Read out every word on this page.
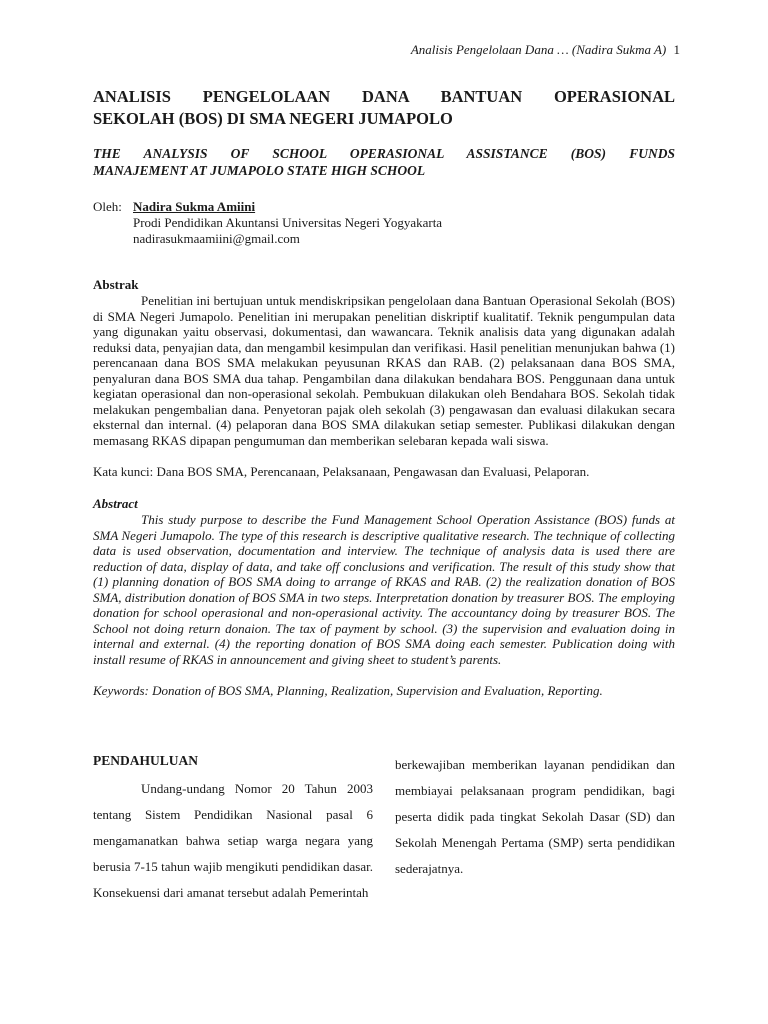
Analisis Pengelolaan Dana … (Nadira Sukma A) 1
ANALISIS PENGELOLAAN DANA BANTUAN OPERASIONAL
SEKOLAH (BOS) DI SMA NEGERI JUMAPOLO
THE ANALYSIS OF SCHOOL OPERASIONAL ASSISTANCE (BOS) FUNDS
MANAJEMENT AT JUMAPOLO STATE HIGH SCHOOL
Oleh: Nadira Sukma Amiini
Prodi Pendidikan Akuntansi Universitas Negeri Yogyakarta
nadirasukmaamiini@gmail.com
Abstrak

Penelitian ini bertujuan untuk mendiskripsikan pengelolaan dana Bantuan Operasional Sekolah (BOS) di SMA Negeri Jumapolo. Penelitian ini merupakan penelitian diskriptif kualitatif. Teknik pengumpulan data yang digunakan yaitu observasi, dokumentasi, dan wawancara. Teknik analisis data yang digunakan adalah reduksi data, penyajian data, dan mengambil kesimpulan dan verifikasi. Hasil penelitian menunjukan bahwa (1) perencanaan dana BOS SMA melakukan peyusunan RKAS dan RAB. (2) pelaksanaan dana BOS SMA, penyaluran dana BOS SMA dua tahap. Pengambilan dana dilakukan bendahara BOS. Penggunaan dana untuk kegiatan operasional dan non-operasional sekolah. Pembukuan dilakukan oleh Bendahara BOS. Sekolah tidak melakukan pengembalian dana. Penyetoran pajak oleh sekolah (3) pengawasan dan evaluasi dilakukan secara eksternal dan internal. (4) pelaporan dana BOS SMA dilakukan setiap semester. Publikasi dilakukan dengan memasang RKAS dipapan pengumuman dan memberikan selebaran kepada wali siswa.

Kata kunci: Dana BOS SMA, Perencanaan, Pelaksanaan, Pengawasan dan Evaluasi, Pelaporan.
Abstract

This study purpose to describe the Fund Management School Operation Assistance (BOS) funds at SMA Negeri Jumapolo. The type of this research is descriptive qualitative research. The technique of collecting data is used observation, documentation and interview. The technique of analysis data is used there are reduction of data, display of data, and take off conclusions and verification. The result of this study show that (1) planning donation of BOS SMA doing to arrange of RKAS and RAB. (2) the realization donation of BOS SMA, distribution donation of BOS SMA in two steps. Interpretation donation by treasurer BOS. The employing donation for school operasional and non-operasional activity. The accountancy doing by treasurer BOS. The School not doing return donaion. The tax of payment by school. (3) the supervision and evaluation doing in internal and external. (4) the reporting donation of BOS SMA doing each semester. Publication doing with install resume of RKAS in announcement and giving sheet to student’s parents.

Keywords: Donation of BOS SMA, Planning, Realization, Supervision and Evaluation, Reporting.
PENDAHULUAN

Undang-undang Nomor 20 Tahun 2003 tentang Sistem Pendidikan Nasional pasal 6 mengamanatkan bahwa setiap warga negara yang berusia 7-15 tahun wajib mengikuti pendidikan dasar. Konsekuensi dari amanat tersebut adalah Pemerintah

berkewajiban memberikan layanan pendidikan dan membiayai pelaksanaan program pendidikan, bagi peserta didik pada tingkat Sekolah Dasar (SD) dan Sekolah Menengah Pertama (SMP) serta pendidikan sederajatnya.
